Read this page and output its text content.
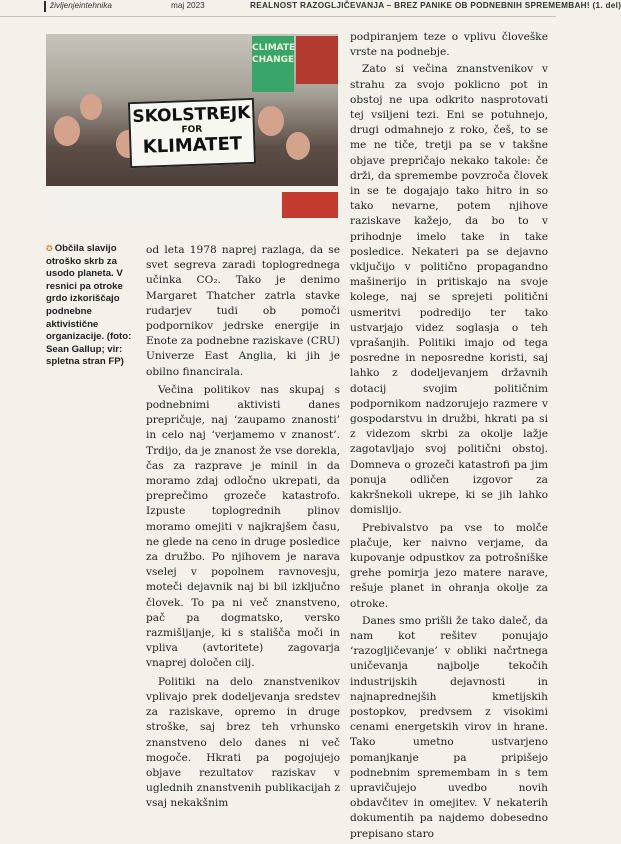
življenjeintehnika	maj 2023	REALNOST RAZOGLJIČEVANJA – BREZ PANIKE OB PODNEBNIH SPREMEMBAH! (1. del)
CLIMATE CHANGE
SKOLSTREJK
FOR
KLIMATET
✪ Občila slavijo otroško skrb za usodo planeta. V resnici pa otroke grdo izkoriščajo podnebne aktivistične organizacije. (foto: Sean Gallup; vir: spletna stran FP)

od leta 1978 naprej razlaga, da se svet segreva zaradi toplogrednega učinka CO₂. Tako je denimo Margaret Thatcher zatrla stavke rudarjev tudi ob pomoči podpornikov jedrske energije in Enote za podnebne raziskave (CRU) Univerze East Anglia, ki jih je obilno financirala.

Večina politikov nas skupaj s podnebnimi aktivisti danes prepričuje, naj ‘zaupamo znanosti’ in celo naj ‘verjamemo v znanost’. Trdijo, da je znanost že vse dorekla, čas za razprave je minil in da moramo zdaj odločno ukrepati, da preprečimo grozeče katastrofo. Izpuste toplogrednih plinov moramo omejiti v najkrajšem času, ne glede na ceno in druge posledice za družbo. Po njihovem je narava vselej v popolnem ravnovesju, moteči dejavnik naj bi bil izključno človek. To pa ni več znanstveno, pač pa dogmatsko, versko razmišljanje, ki s stališča moči in vpliva (avtoritete) zagovarja vnaprej določen cilj.

Politiki na delo znanstvenikov vplivajo prek dodeljevanja sredstev za raziskave, opremo in druge stroške, saj brez teh vrhunsko znanstveno delo danes ni več mogoče. Hkrati pa pogojujejo objave rezultatov raziskav v uglednih znanstvenih publikacijah z vsaj nekakšnim

podpiranjem teze o vplivu človeške vrste na podnebje.

Zato si večina znanstvenikov v strahu za svojo poklicno pot in obstoj ne upa odkrito nasprotovati tej vsiljeni tezi. Eni se potuhnejo, drugi odmahnejo z roko, češ, to se me ne tiče, tretji pa se v takšne objave prepričajo nekako takole: če drži, da spremembe povzroča človek in se te dogajajo tako hitro in so tako nevarne, potem njihove raziskave kažejo, da bo to v prihodnje imelo take in take posledice. Nekateri pa se dejavno vključijo v politično propagandno mašinerijo in pritiskajo na svoje kolege, naj se sprejeti politični usmeritvi podredijo ter tako ustvarjajo videz soglasja o teh vprašanjih. Politiki imajo od tega posredne in neposredne koristi, saj lahko z dodeljevanjem državnih dotacij svojim političnim podpornikom nadzorujejo razmere v gospodarstvu in družbi, hkrati pa si z videzom skrbi za okolje lažje zagotavljajo svoj politični obstoj. Domneva o grozeči katastrofi pa jim ponuja odličen izgovor za kakršnekoli ukrepe, ki se jih lahko domislijo.

Prebivalstvo pa vse to molče plačuje, ker naivno verjame, da kupovanje odpustkov za potrošniške grehe pomirja jezo matere narave, rešuje planet in ohranja okolje za otroke.

Danes smo prišli že tako daleč, da nam kot rešitev ponujajo ‘razogljičevanje’ v obliki načrtnega uničevanja najbolje tekočih industrijskih dejavnosti in najnaprednejših kmetijskih postopkov, predvsem z visokimi cenami energetskih virov in hrane. Tako umetno ustvarjeno pomanjkanje pa pripišejo podnebnim spremembam in s tem upravičujejo uvedbo novih obdavčitev in omejitev. V nekaterih dokumentih pa najdemo dobesedno prepisano staro
